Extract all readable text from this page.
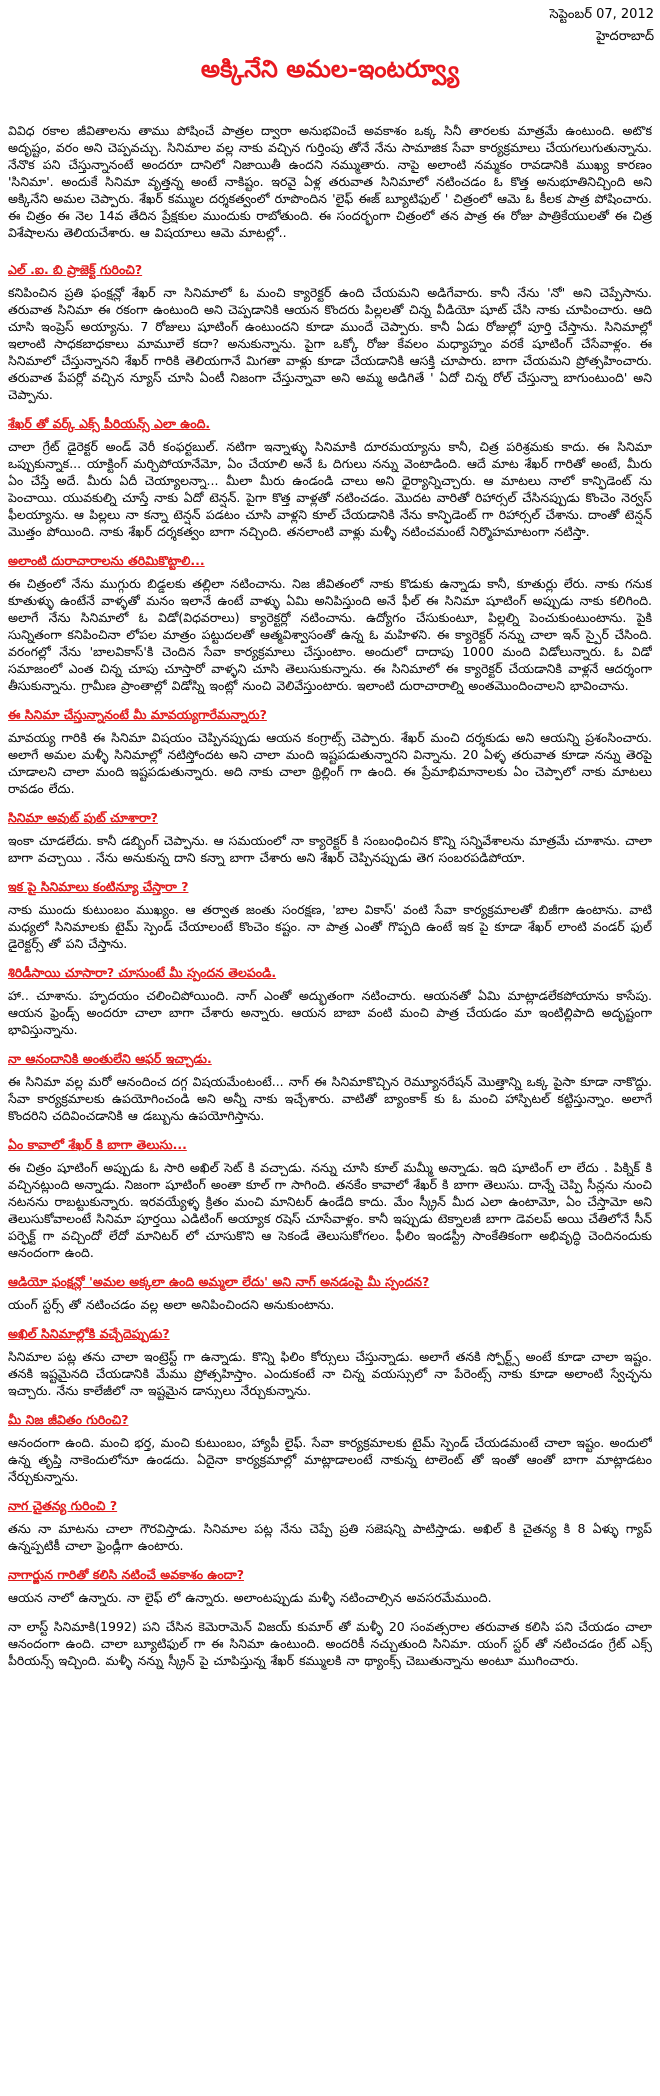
సెప్టెంబర్ 07, 2012
హైదరాబాద్
అక్కినేని అమల-ఇంటర్వ్యూ

వివిధ రకాల జీవితాలను తాము పోషించే పాత్రల ద్వారా అనుభవించే అవకాశం ఒక్క సినీ తారలకు మాత్రమే ఉంటుంది. అటొక అదృష్టం, వరం అని చెప్పవచ్చు. సినిమాల వల్ల నాకు వచ్చిన గుర్తింపు తోనే నేను సామాజిక సేవా కార్యక్రమాలు చేయగలుగుతున్నాను. నేనొక పని చేస్తున్నానంటే అందరూ దానిలో నిజాయితీ ఉందని నమ్ముతారు. నాపై అలాంటి నమ్మకం రావడానికి ముఖ్య కారణం 'సినిమా'. అందుకే సినిమా వృత్తన్న అంటే నాకిష్టం. ఇరవై ఏళ్ల తరువాత సినిమాలో నటించడం ఓ కొత్త అనుభూతినిచ్చింది అని అక్కినేని అమల చెప్పారు. శేఖర్ కమ్ముల దర్శకత్వంలో రూపొందిన 'లైఫ్ ఈజ్ బ్యూటిఫుల్ ' చిత్రంలో ఆమె ఓ కీలక పాత్ర పోషించారు. ఈ చిత్రం ఈ నెల 14వ తేదిన ప్రేక్షకుల ముందుకు రాబోతుంది. ఈ సందర్భంగా చిత్రంలో తన పాత్ర ఈ రోజు పాత్రికేయులతో ఈ చిత్ర విశేషాలను తెలియచేశారు. ఆ విషయాలు ఆమె మాటల్లో..

ఎల్ .ఐ. బి ప్రాజెక్ట్ గురించి?

కనిపించిన ప్రతి ఫంక్షన్లో శేఖర్ నా సినిమాలో ఓ మంచి క్యారెక్టర్ ఉంది చేయమని అడిగేవారు. కానీ నేను 'నో' అని చెప్పేసాను. తరువాత సినిమా ఈ రకంగా ఉంటుంది అని చెప్పడానికి ఆయన కొందరు పిల్లలతో చిన్న వీడియో షూట్ చేసి నాకు చూపించారు. ఆది చూసి ఇంప్రెస్ అయ్యాను. 7 రోజులు షూటింగ్ ఉంటుందని కూడా ముందే చెప్పారు. కానీ ఏడు రోజుల్లో పూర్తి చేస్తాను. సినిమాల్లో ఇలాంటి సాధకబాధకాలు మామూలే కదా? అనుకున్నాను. పైగా ఒక్కో రోజు కేవలం మధ్యాహ్నం వరకే షూటింగ్ చేసేవాళ్లం. ఈ సినిమాలో చేస్తున్నానని శేఖర్ గారికి తెలియగానే మిగతా వాళ్లు కూడా చేయడానికి ఆసక్తి చూపారు. బాగా చేయమని ప్రోత్సహించారు. తరువాత పేపర్లో వచ్చిన న్యూస్ చూసి ఏంటీ నిజంగా చేస్తున్నావా అని అమ్మ అడిగితే ' ఏదో చిన్న రోల్ చేస్తున్నా బాగుంటుంది' అని చెప్పాను.

శేఖర్ తో వర్క్ ఎక్స్ పీరియన్స్ ఎలా ఉంది.

చాలా గ్రేట్ డైరెక్టర్ అండ్ వెరీ కంఫర్టబుల్. నటిగా ఇన్నాళ్ళు సినిమాకి దూరమయ్యాను కానీ, చిత్ర పరిశ్రమకు కాదు. ఈ సినిమా ఒప్పుకున్నాక... యాక్టింగ్ మర్చిపోయానేమో, ఏం చేయాలి అనే ఓ దిగులు నన్ను వెంటాడింది. ఆదే మాట శేఖర్ గారితో అంటే, మీరు ఏం చేస్తే అదే. మీరు ఏదీ చెయ్యాలన్నా... మీలా మీరు ఉండండి చాలు అని ధైర్యాన్నిచ్చారు. ఆ మాటలు నాలో కాన్ఫిడెంట్ ను పెంచాయి. యువకుల్ని చూస్తే నాకు ఏదో టెన్షన్. పైగా కొత్త వాళ్లతో నటించడం. మొదట వారితో రిహార్సల్ చేసినప్పుడు కొంచెం నెర్వస్ ఫీలయ్యాను. ఆ పిల్లలు నా కన్నా టెన్షన్ పడటం చూసి వాళ్లని కూల్ చేయడానికి నేను కాన్ఫిడెంట్ గా రిహార్సల్ చేశాను. దాంతో టెన్షన్ మొత్తం పోయింది. నాకు శేఖర్ దర్శకత్వం బాగా నచ్చింది. తనలాంటి వాళ్లు మళ్ళీ నటించమంటే నిర్మొహమాటంగా నటిస్తా.

అలాంటి దురాచారాలను తరిమికొట్టాలి...

ఈ చిత్రంలో నేను ముగ్గురు బిడ్డలకు తల్లిలా నటించాను. నిజ జీవితంలో నాకు కొడుకు ఉన్నాడు కానీ, కూతుర్లు లేరు. నాకు గనుక కూతుళ్ళు ఉంటేనే వాళ్ళతో మనం ఇలానే ఉంటే వాళ్ళు ఏమి అనిపిస్తుంది అనే ఫీల్ ఈ సినిమా షూటింగ్ అప్పుడు నాకు కలిగింది. అలాగే నేను సినిమాలో ఓ విడో(విధవరాలు) క్యారెక్టర్లో నటించాను. ఉద్యోగం చేసుకుంటూ, పిల్లల్ని పెంచుకుంటుంటాను. పైకి సున్నితంగా కనిపించినా లోపల మాత్రం పట్టుదలతో ఆత్మవిశ్వాసంతో ఉన్న ఓ మహిళని. ఈ క్యారెక్టర్ నన్ను చాలా ఇన్ స్పైర్ చేసింది. వరంగల్లో నేను 'బాలవికాస్'కి చెందిన సేవా కార్యక్రమాలు చేస్తుంటాం. అందులో దాదాపు 1000 మంది విడోలున్నారు. ఓ విడో సమాజంలో ఎంత చిన్న చూపు చూస్తారో వాళ్ళని చూసి తెలుసుకున్నాను. ఈ సినిమాలో ఈ క్యారెక్టర్ చేయడానికి వాళ్లనే ఆదర్శంగా తీసుకున్నాను. గ్రామీణ ప్రాంతాల్లో విడోస్ని ఇంట్లో నుంచి వెలివేస్తుంటారు. ఇలాంటి దురాచారాల్ని అంతమొందించాలని భావించాను.

ఈ సినిమా చేస్తున్నానంటే మీ మావయ్యగారేమన్నారు?

మావయ్య గారికి ఈ సినిమా విషయం చెప్పినప్పుడు ఆయన కంగ్రాట్స్ చెప్పారు. శేఖర్ మంచి దర్శకుడు అని ఆయన్ని ప్రశంసించారు. అలాగే అమల మళ్ళీ సినిమాల్లో నటిస్తోందట అని చాలా మంది ఇష్టపడుతున్నారని విన్నాను. 20 ఏళ్ళ తరువాత కూడా నన్ను తెరపై చూడాలని చాలా మంది ఇష్టపడుతున్నారు. అది నాకు చాలా థ్రిల్లింగ్ గా ఉంది. ఈ ప్రేమాభిమానాలకు ఏం చెప్పాలో నాకు మాటలు రావడం లేదు.

సినిమా అవుట్ పుట్ చూశారా?

ఇంకా చూడలేదు. కానీ డబ్బింగ్ చెప్పాను. ఆ సమయంలో నా క్యారెక్టర్ కి సంబంధించిన కొన్ని సన్నివేశాలను మాత్రమే చూశాను. చాలా బాగా వచ్చాయి . నేను అనుకున్న దాని కన్నా బాగా చేశారు అని శేఖర్ చెప్పినప్పుడు తెగ సంబరపడిపోయా.

ఇక పై సినిమాలు కంటిన్యూ చేస్తారా ?

నాకు ముందు కుటుంబం ముఖ్యం. ఆ తర్వాత జంతు సంరక్షణ, 'బాల వికాస్' వంటి సేవా కార్యక్రమాలతో బిజీగా ఉంటాను. వాటి మధ్యలో సినిమాలకు టైమ్ స్పెండ్ చేయాలంటే కొంచెం కష్టం. నా పాత్ర ఎంతో గొప్పది ఉంటే ఇక పై కూడా శేఖర్ లాంటి వండర్ ఫుల్ డైరెక్టర్స్ తో పని చేస్తాను.

శిరిడీసాయి చూసారా? చూసుంటే మీ స్పందన తెలపండి.

హా.. చూశాను. హృదయం చలించిపోయింది. నాగ్ ఎంతో అద్భుతంగా నటించారు. ఆయనతో ఏమి మాట్లాడలేకపోయాను కాసేపు. ఆయన ఫ్రెండ్స్ అందరూ చాలా బాగా చేశారు అన్నారు. ఆయన బాబా వంటి మంచి పాత్ర చేయడం మా ఇంటిల్లిపాది అదృష్టంగా భావిస్తున్నాను.

నా ఆనందానికి అంతులేని ఆఫర్ ఇచ్చాడు.

ఈ సినిమా వల్ల మరో ఆనందించ దగ్గ విషయమేంటంటే... నాగ్ ఈ సినిమాకొచ్చిన రెమ్యూనరేషన్ మొత్తాన్ని ఒక్క పైసా కూడా నాకొద్దు. సేవా కార్యక్రమాలకు ఉపయోగించండి అని అన్నీ నాకు ఇచ్చేశారు. వాటితో బ్యాంకాక్ కు ఓ మంచి హాస్పిటల్ కట్టిస్తున్నాం. అలాగే కొందరిని చదివించడానికి ఆ డబ్బును ఉపయోగిస్తాను.

ఏం కావాలో శేఖర్ కి బాగా తెలుసు...

ఈ చిత్రం షూటింగ్ అప్పుడు ఓ సారి అఖిల్ సెట్ కి వచ్చాడు. నన్ను చూసి కూల్ మమ్మీ అన్నాడు. ఇది షూటింగ్ లా లేదు . పిక్నిక్ కి వచ్చినట్లుంది అన్నాడు. నిజంగా షూటింగ్ అంతా కూల్ గా సాగింది. తనకేం కావాలో శేఖర్ కి బాగా తెలుసు. దాన్నే చెప్పి సీన్లను నుంచి నటనను రాబట్టుకున్నారు. ఇరవయ్యేళ్ళ క్రితం మంచి మానిటర్ ఉండేది కాదు. మేం స్క్రీన్ మీద ఎలా ఉంటామో, ఏం చేస్తామో అని తెలుసుకోవాలంటే సినిమా పూర్తయి ఎడిటింగ్ అయ్యాక రషెస్ చూసేవాళ్లం. కానీ ఇప్పుడు టెక్నాలజీ బాగా డెవలప్ అయి చేతిలోనే సీన్ పర్ఫెక్ట్ గా వచ్చిందో లేదో మానిటర్ లో చూసుకొని ఆ సెకండే తెలుసుకోగలం. ఫీలిం ఇండస్ట్రీ సాంకేతికంగా అభివృద్ధి చెందినందుకు ఆనందంగా ఉంది.

ఆడియో ఫంక్షన్లో 'అమల అక్కలా ఉంది అమ్మలా లేదు' అని నాగ్ అనడంపై మీ స్పందన?

యంగ్ స్టర్స్ తో నటించడం వల్ల అలా అనిపించిందని అనుకుంటాను.

అఖిల్ సినిమాల్లోకి వచ్చేదెప్పుడు?

సినిమాల పట్ల తను చాలా ఇంట్రెస్ట్ గా ఉన్నాడు. కొన్ని ఫిలిం కోర్సులు చేస్తున్నాడు. అలాగే తనకి స్పోర్ట్స్ అంటే కూడా చాలా ఇష్టం. తనకి ఇష్టమైనది చేయడానికి మేము ప్రోత్సహిస్తాం. ఎందుకంటే నా చిన్న వయస్సులో నా పేరెంట్స్ నాకు కూడా అలాంటి స్వేచ్ఛను ఇచ్చారు. నేను కాలేజీలో నా ఇష్టమైన డాన్సులు నేర్చుకున్నాను.

మీ నిజ జీవితం గురించి?

ఆనందంగా ఉంది. మంచి భర్త, మంచి కుటుంబం, హ్యాపీ లైఫ్. సేవా కార్యక్రమాలకు టైమ్ స్పెండ్ చేయడమంటే చాలా ఇష్టం. అందులో ఉన్న తృప్తి నాకెందులోనూ ఉండదు. ఏదైనా కార్యక్రమాల్లో మాట్లాడాలంటే నాకున్న టాలెంట్ తో ఇంతో ఆంతో బాగా మాట్లాడటం నేర్చుకున్నాను.

నాగ చైతన్య గురించి ?

తను నా మాటను చాలా గౌరవిస్తాడు. సినిమాల పట్ల నేను చెప్పే ప్రతి సజెషన్ని పాటిస్తాడు. అఖిల్ కి చైతన్య కి 8 ఏళ్ళు గ్యాప్ ఉన్నప్పటికీ చాలా ఫ్రెండ్లీగా ఉంటారు.

నాగార్జున గారితో కలిసి నటించే అవకాశం ఉందా?

ఆయన నాలో ఉన్నారు. నా లైఫ్ లో ఉన్నారు. అలాంటప్పుడు మళ్ళీ నటించాల్సిన అవసరమేముంది.

నా లాస్ట్ సినిమాకి(1992) పని చేసిన కెమెరామెన్ విజయ్ కుమార్ తో మళ్ళీ 20 సంవత్సరాల తరువాత కలిసి పని చేయడం చాలా ఆనందంగా ఉంది. చాలా బ్యూటిఫుల్ గా ఈ సినిమా ఉంటుంది. అందరికీ నచ్చుతుంది సినిమా. యంగ్ స్టర్ తో నటించడం గ్రేట్ ఎక్స్ పీరియన్స్ ఇచ్చింది. మళ్ళీ నన్ను స్క్రీన్ పై చూపిస్తున్న శేఖర్ కమ్ములకి నా థ్యాంక్స్ చెబుతున్నాను అంటూ ముగించారు.
